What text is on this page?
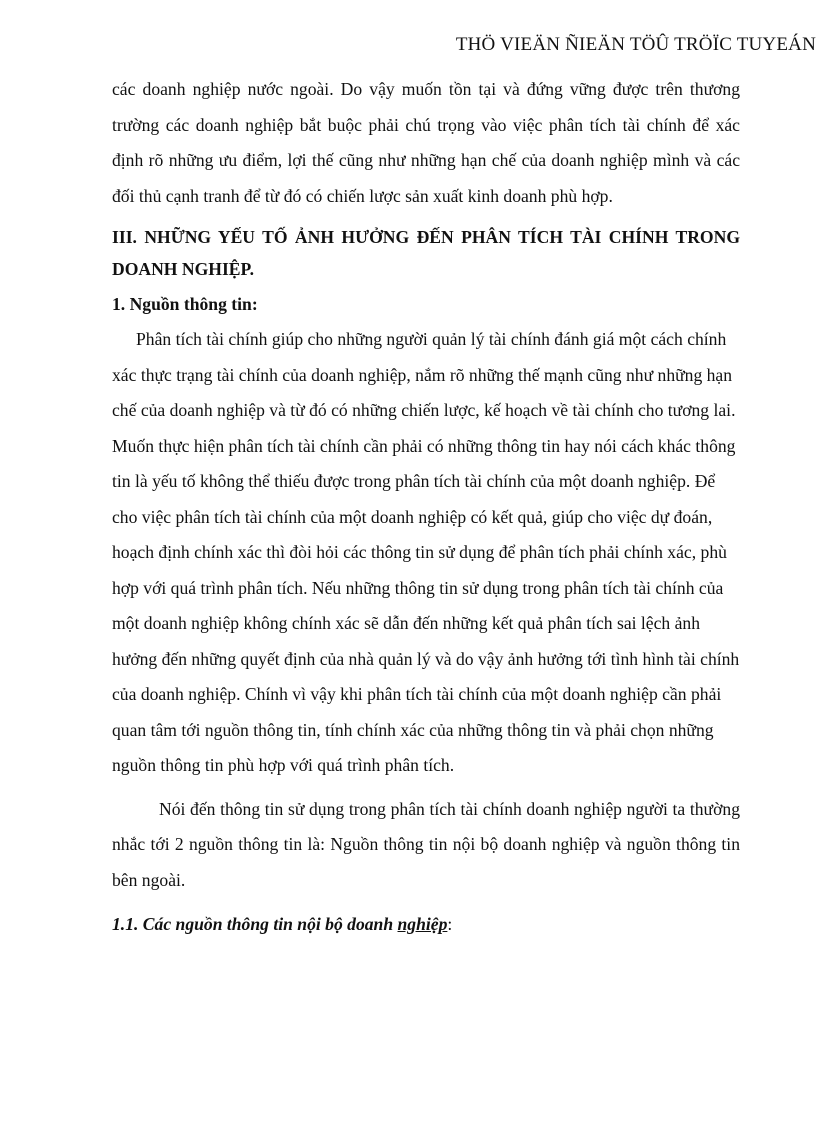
THÖ VIEÄN ÑIEÄN TÖÛ TRÖÏC TUYEÁN

các doanh nghiệp nước ngoài. Do vậy muốn tồn tại và đứng vững được trên thương trường các doanh nghiệp bắt buộc phải chú trọng vào việc phân tích tài chính để xác định rõ những ưu điểm, lợi thế cũng như những hạn chế của doanh nghiệp mình và các đối thủ cạnh tranh để từ đó có chiến lược sản xuất kinh doanh phù hợp.

III. NHỮNG YẾU TỐ ẢNH HƯỞNG ĐẾN PHÂN TÍCH TÀI CHÍNH TRONG DOANH NGHIỆP.

1. Nguồn thông tin:

Phân tích tài chính giúp cho những người quản lý tài chính đánh giá một cách chính xác thực trạng tài chính của doanh nghiệp, nắm rõ những thế mạnh cũng như những hạn chế của doanh nghiệp và từ đó có những chiến lược, kế hoạch về tài chính cho tương lai. Muốn thực hiện phân tích tài chính cần phải có những thông tin hay nói cách khác thông tin là yếu tố không thể thiếu được trong phân tích tài chính của một doanh nghiệp. Để cho việc phân tích tài chính của một doanh nghiệp có kết quả, giúp cho việc dự đoán, hoạch định chính xác thì đòi hỏi các thông tin sử dụng để phân tích phải chính xác, phù hợp với quá trình phân tích. Nếu những thông tin sử dụng trong phân tích tài chính của một doanh nghiệp không chính xác sẽ dẫn đến những kết quả phân tích sai lệch ảnh hưởng đến những quyết định của nhà quản lý và do vậy ảnh hưởng tới tình hình tài chính của doanh nghiệp. Chính vì vậy khi phân tích tài chính của một doanh nghiệp cần phải quan tâm tới nguồn thông tin, tính chính xác của những thông tin và phải chọn những nguồn thông tin phù hợp với quá trình phân tích.

Nói đến thông tin sử dụng trong phân tích tài chính doanh nghiệp người ta thường nhắc tới 2 nguồn thông tin là: Nguồn thông tin nội bộ doanh nghiệp và nguồn thông tin bên ngoài.

1.1. Các nguồn thông tin nội bộ doanh nghiệp:
